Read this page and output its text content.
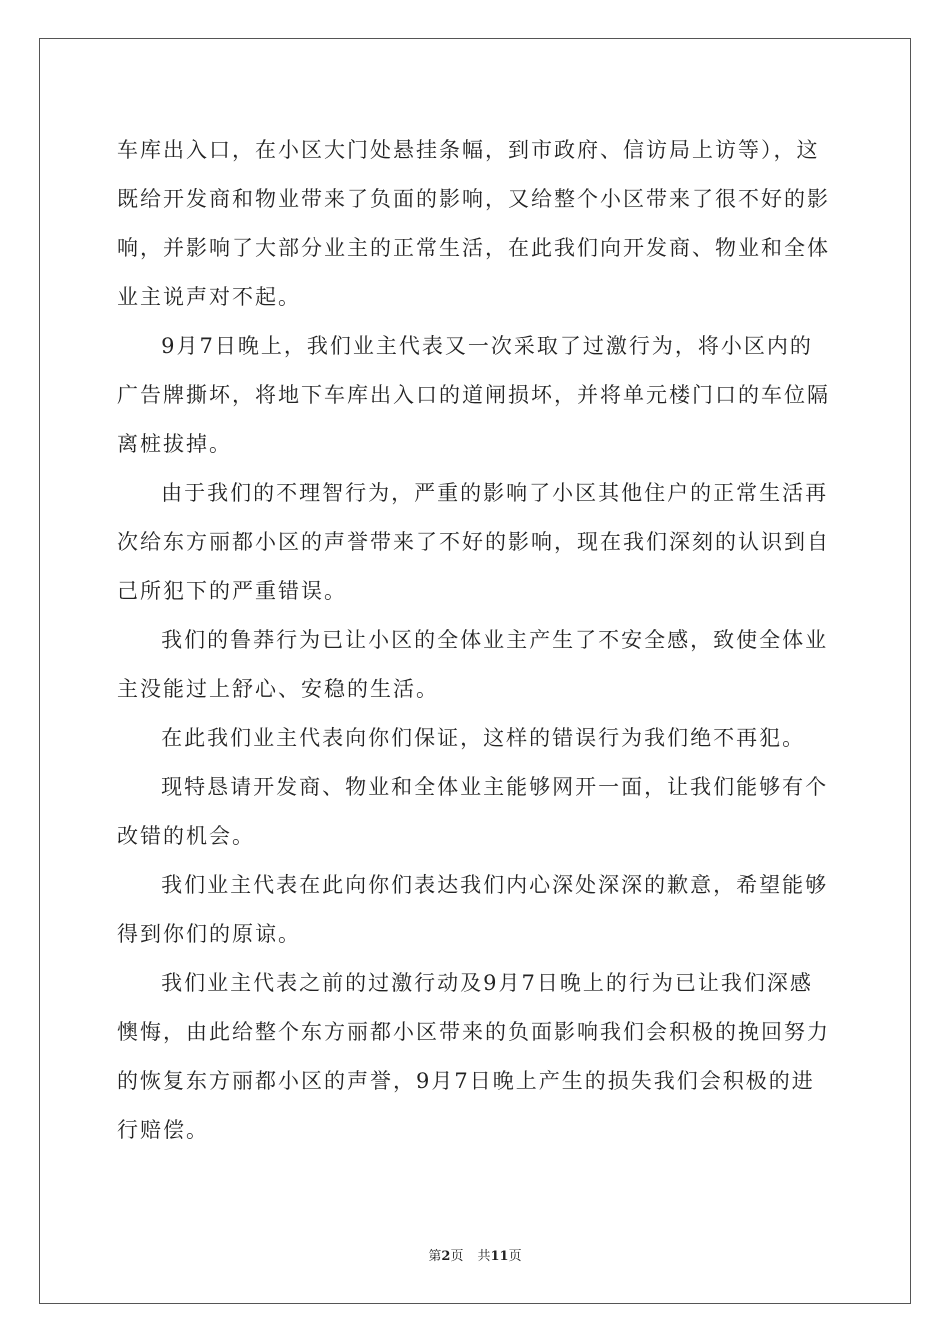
车库出入口，在小区大门处悬挂条幅，到市政府、信访局上访等），这既给开发商和物业带来了负面的影响，又给整个小区带来了很不好的影响，并影响了大部分业主的正常生活，在此我们向开发商、物业和全体业主说声对不起。

9月7日晚上，我们业主代表又一次采取了过激行为，将小区内的广告牌撕坏，将地下车库出入口的道闸损坏，并将单元楼门口的车位隔离桩拔掉。

由于我们的不理智行为，严重的影响了小区其他住户的正常生活再次给东方丽都小区的声誉带来了不好的影响，现在我们深刻的认识到自己所犯下的严重错误。

我们的鲁莽行为已让小区的全体业主产生了不安全感，致使全体业主没能过上舒心、安稳的生活。

在此我们业主代表向你们保证，这样的错误行为我们绝不再犯。

现特恳请开发商、物业和全体业主能够网开一面，让我们能够有个改错的机会。

我们业主代表在此向你们表达我们内心深处深深的歉意，希望能够得到你们的原谅。

我们业主代表之前的过激行动及9月7日晚上的行为已让我们深感懊悔，由此给整个东方丽都小区带来的负面影响我们会积极的挽回努力的恢复东方丽都小区的声誉，9月7日晚上产生的损失我们会积极的进行赔偿。

第2页 共11页
